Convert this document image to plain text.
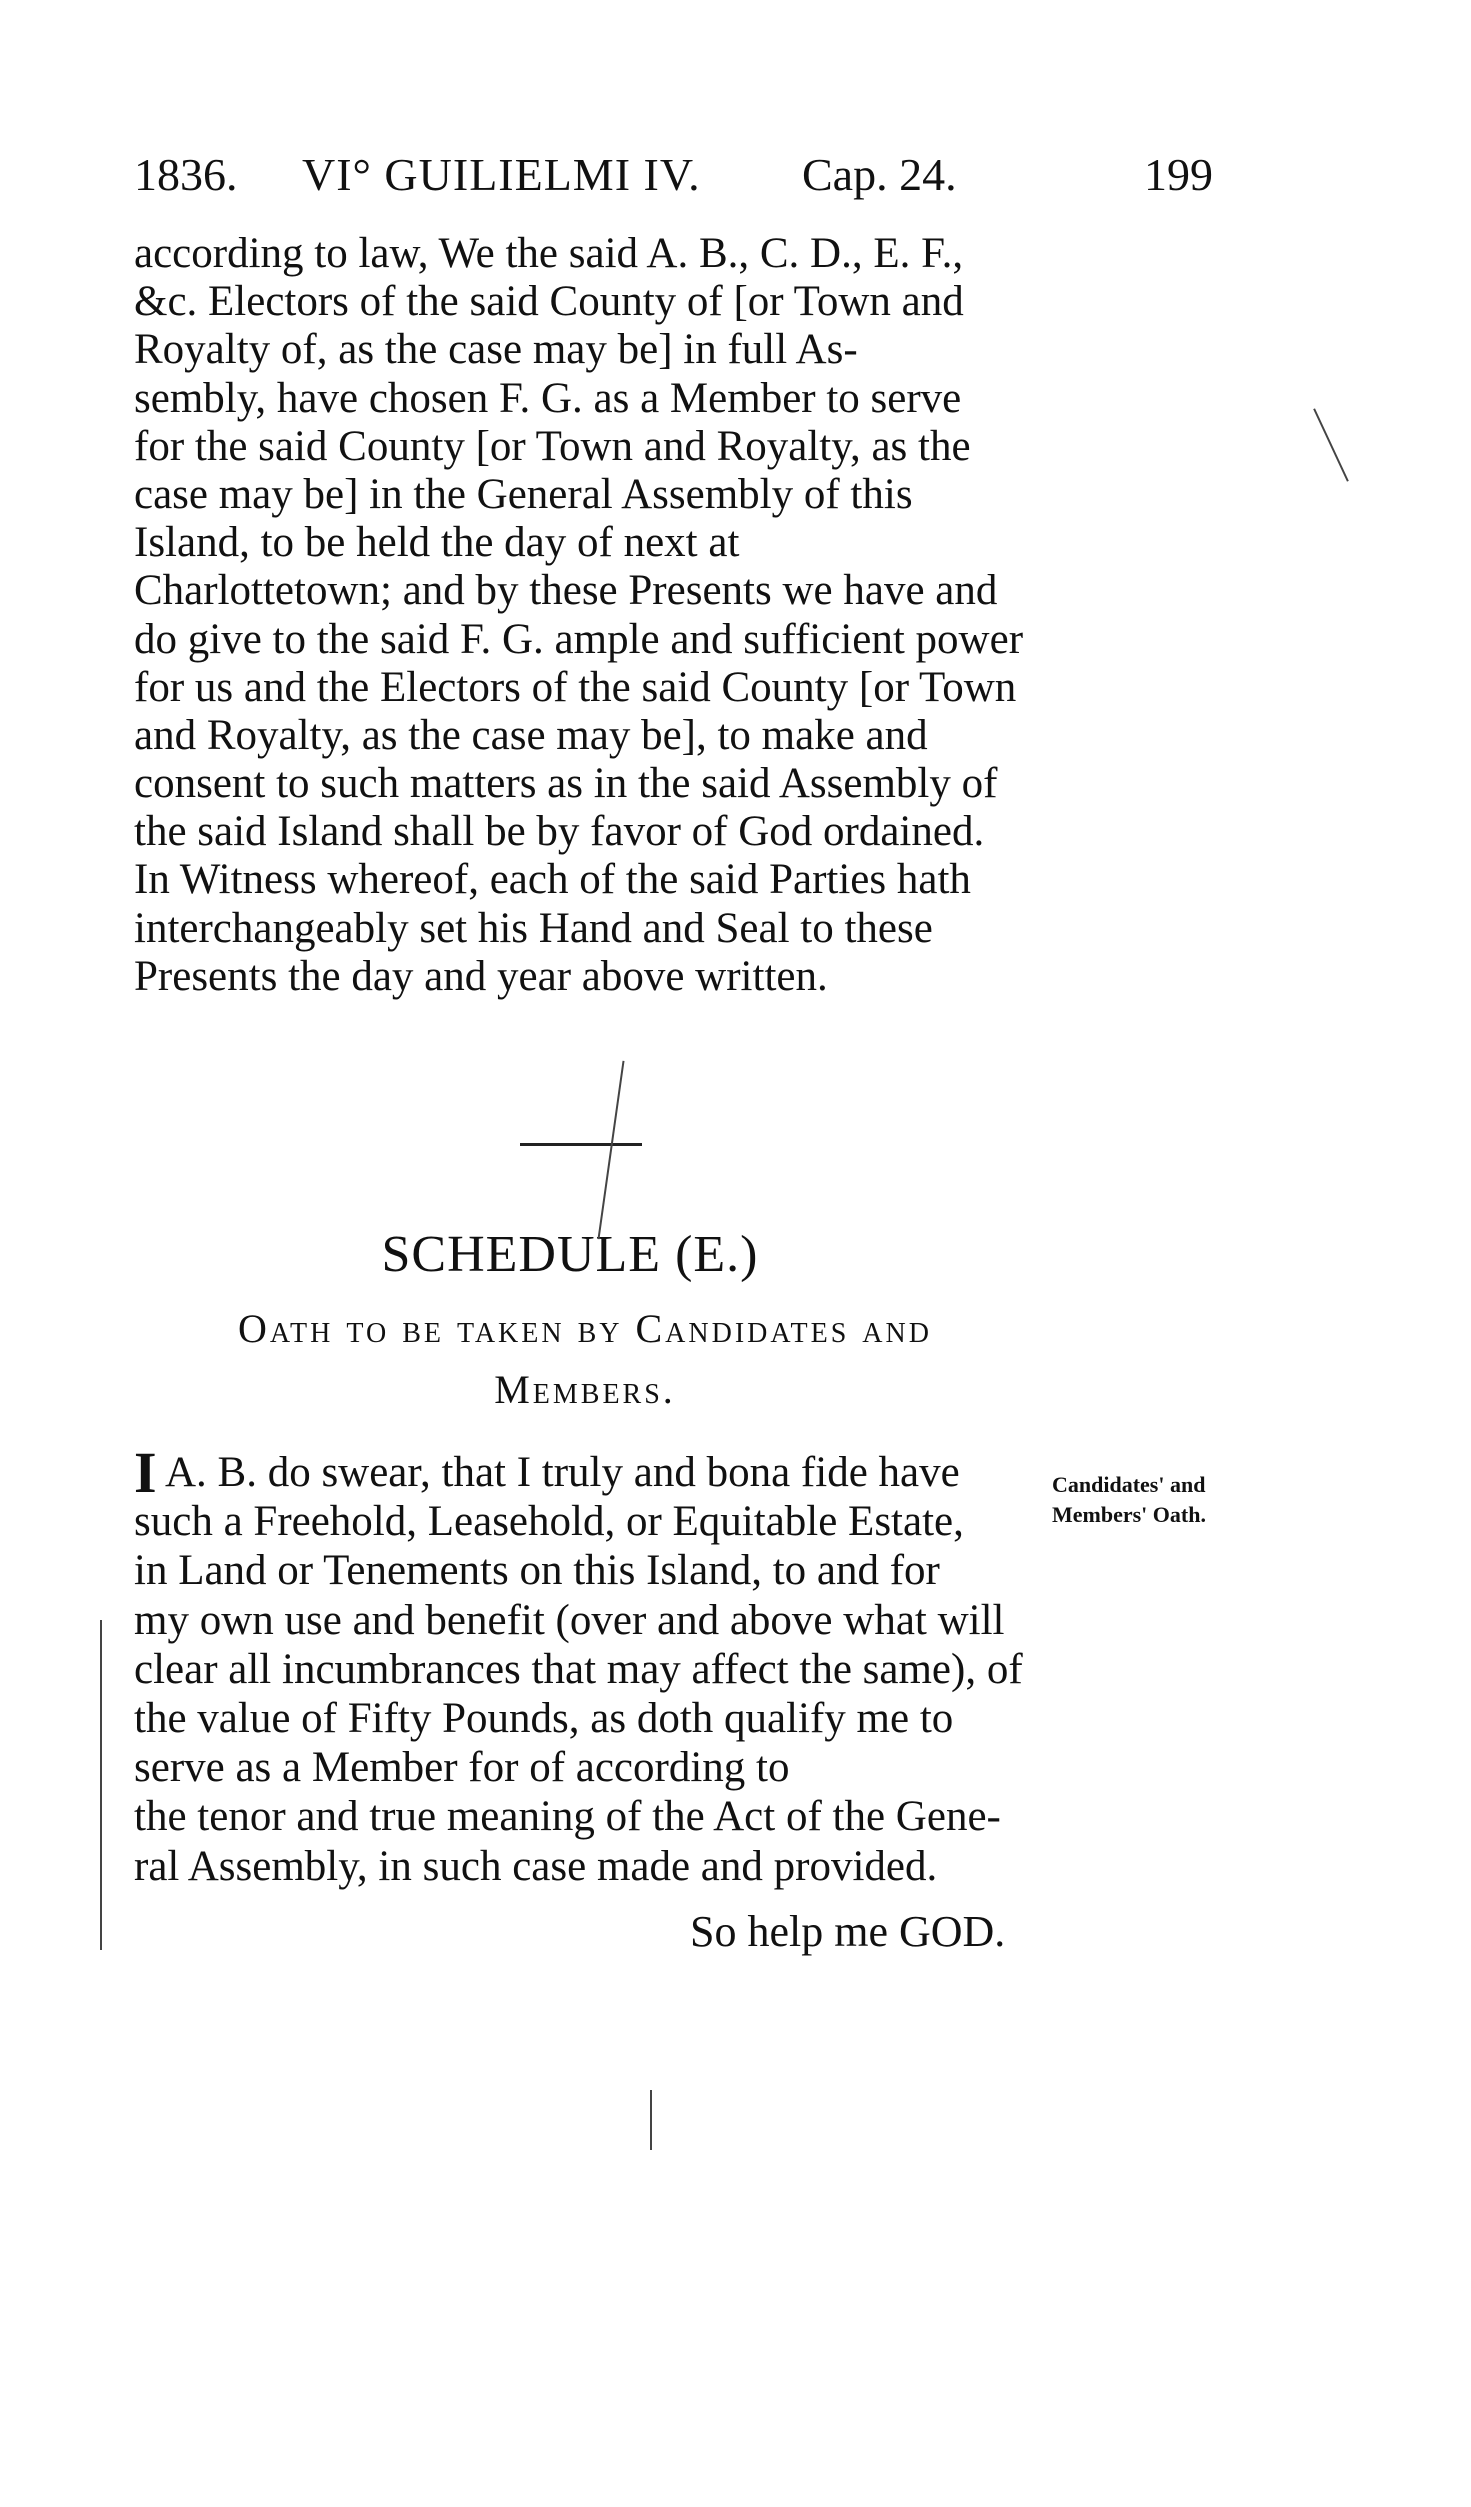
1836. VI° GUILIELMI IV. Cap. 24.	199
according to law, We the said A. B., C. D., E. F.,
&c. Electors of the said County of [or Town and
Royalty of, as the case may be] in full As-
sembly, have chosen F. G. as a Member to serve
for the said County [or Town and Royalty, as the
case may be] in the General Assembly of this
Island, to be held the day of next at
Charlottetown; and by these Presents we have and
do give to the said F. G. ample and sufficient power
for us and the Electors of the said County [or Town
and Royalty, as the case may be], to make and
consent to such matters as in the said Assembly of
the said Island shall be by favor of God ordained.
In Witness whereof, each of the said Parties hath
interchangeably set his Hand and Seal to these
Presents the day and year above written.
SCHEDULE (E.)
Oath to be taken by Candidates and
Members.
I A. B. do swear, that I truly and bona fide have
such a Freehold, Leasehold, or Equitable Estate,
in Land or Tenements on this Island, to and for
my own use and benefit (over and above what will
clear all incumbrances that may affect the same), of
the value of Fifty Pounds, as doth qualify me to
serve as a Member for of according to
the tenor and true meaning of the Act of the Gene-
ral Assembly, in such case made and provided.
So help me GOD.
Candidates' and
Members' Oath.
